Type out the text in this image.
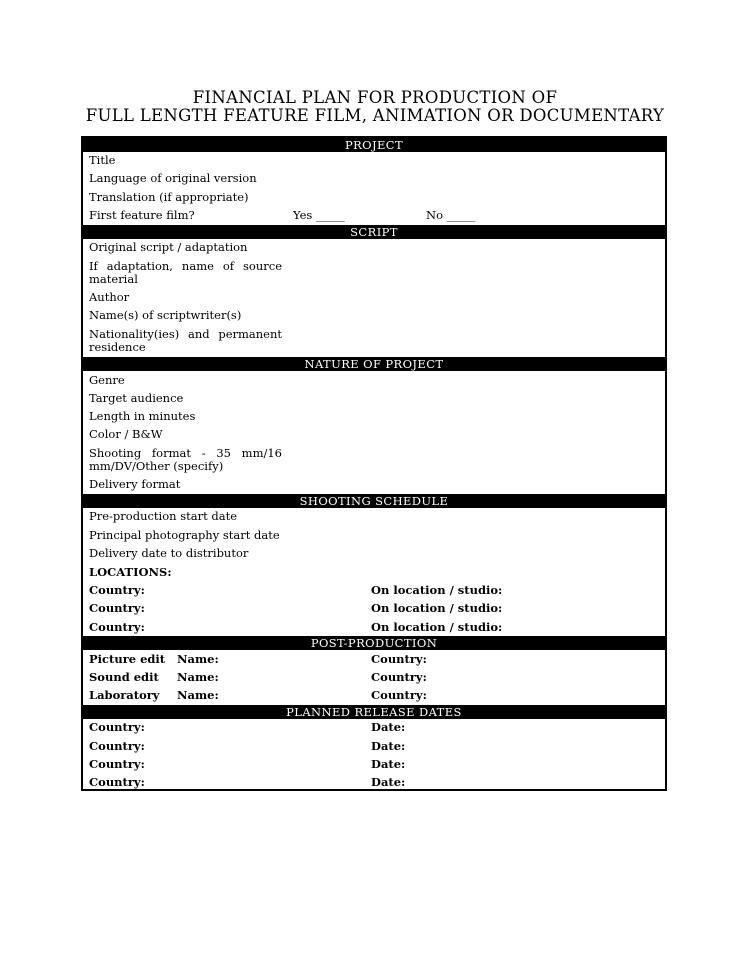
FINANCIAL PLAN FOR PRODUCTION OF
FULL LENGTH FEATURE FILM, ANIMATION OR DOCUMENTARY
PROJECT
Title
Language of original version
Translation (if appropriate)
First feature film?	Yes _____	No _____
SCRIPT
Original script / adaptation
If adaptation, name of source material
Author
Name(s) of scriptwriter(s)
Nationality(ies) and permanent residence
NATURE OF PROJECT
Genre
Target audience
Length in minutes
Color / B&W
Shooting format - 35 mm/16 mm/DV/Other (specify)
Delivery format
SHOOTING SCHEDULE
Pre-production start date
Principal photography start date
Delivery date to distributor
LOCATIONS:
Country:	On location / studio:
Country:	On location / studio:
Country:	On location / studio:
POST-PRODUCTION
Picture edit Name:	Country:
Sound edit Name:	Country:
Laboratory Name:	Country:
PLANNED RELEASE DATES
Country:	Date:
Country:	Date:
Country:	Date:
Country:	Date:
